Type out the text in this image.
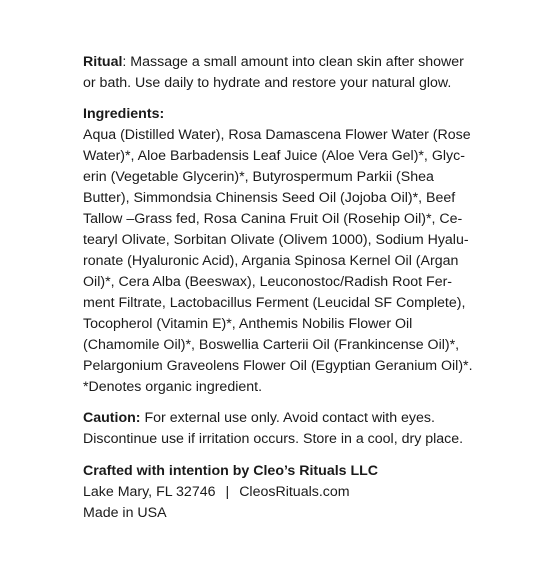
Ritual: Massage a small amount into clean skin after shower
or bath. Use daily to hydrate and restore your natural glow.
Ingredients:
Aqua (Distilled Water), Rosa Damascena Flower Water (Rose
Water)*, Aloe Barbadensis Leaf Juice (Aloe Vera Gel)*, Glyc-
erin (Vegetable Glycerin)*, Butyrospermum Parkii (Shea
Butter), Simmondsia Chinensis Seed Oil (Jojoba Oil)*, Beef
Tallow –Grass fed, Rosa Canina Fruit Oil (Rosehip Oil)*, Ce-
tearyl Olivate, Sorbitan Olivate (Olivem 1000), Sodium Hyalu-
ronate (Hyaluronic Acid), Argania Spinosa Kernel Oil (Argan
Oil)*, Cera Alba (Beeswax), Leuconostoc/Radish Root Fer-
ment Filtrate, Lactobacillus Ferment (Leucidal SF Complete),
Tocopherol (Vitamin E)*, Anthemis Nobilis Flower Oil
(Chamomile Oil)*, Boswellia Carterii Oil (Frankincense Oil)*,
Pelargonium Graveolens Flower Oil (Egyptian Geranium Oil)*.
*Denotes organic ingredient.
Caution: For external use only. Avoid contact with eyes.
Discontinue use if irritation occurs. Store in a cool, dry place.
Crafted with intention by Cleo’s Rituals LLC
Lake Mary, FL 32746 | CleosRituals.com
Made in USA
